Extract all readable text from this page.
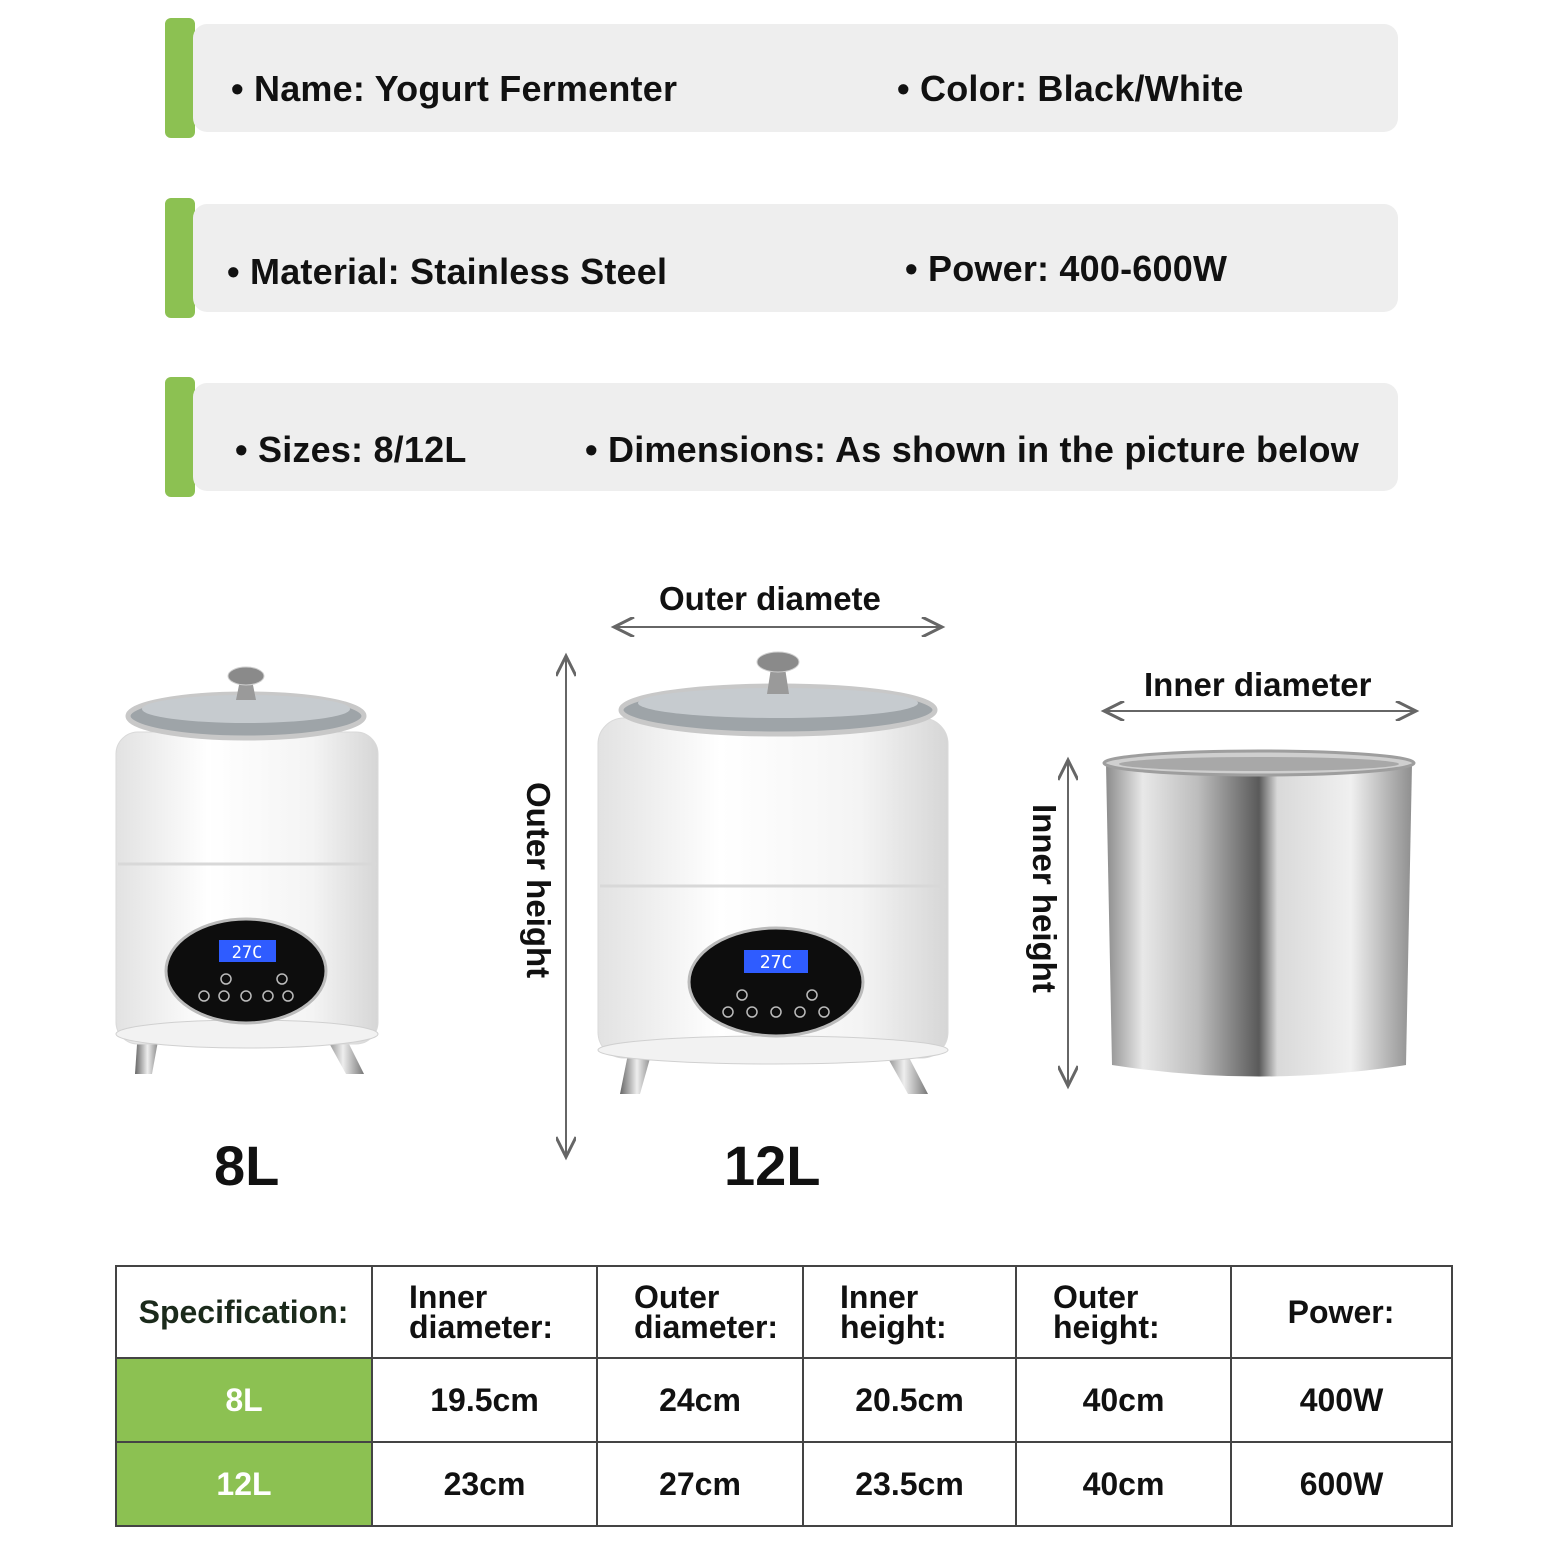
• Name: Yogurt Fermenter	• Color: Black/White
• Material: Stainless Steel	• Power: 400-600W
• Sizes: 8/12L	• Dimensions: As shown in the picture below
27C	27C
Outer diamete
Outer height
Inner diameter
Inner height
8L	12L
Specification:	Inner diameter:	Outer diameter:	Inner height:	Outer height:	Power:
8L	19.5cm	24cm	20.5cm	40cm	400W
12L	23cm	27cm	23.5cm	40cm	600W
